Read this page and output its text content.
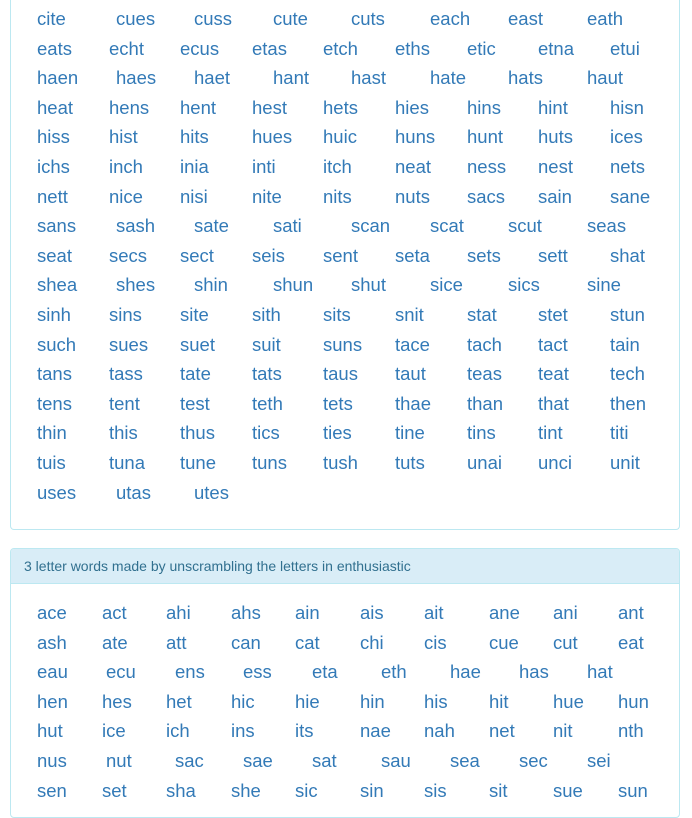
cite	cues cuss cute cuts each east eath
eats echt ecus etas etch eths etic etna etui
haen haes haet hant hast hate hats haut
heat hens hent hest hets hies hins hint hisn
hiss hist hits hues huic huns hunt huts ices
ichs inch inia inti	itch neat ness nest nets
nett nice nisi nite nits nuts sacs sain sane
sans sash sate sati	scan scat scut seas
seat secs sect seis sent seta sets sett shat
shea shes shin shun shut sice sics	sine
sinh sins site sith sits snit stat stet stun
such sues suet suit suns tace tach tact tain
tans tass tate tats taus taut teas teat tech
tens tent test teth tets thae than that then
thin this thus tics ties tine tins tint	titi
tuis tuna tune tuns tush tuts unai unci unit
uses utas utes
3 letter words made by unscrambling the letters in enthusiastic
ace act ahi ahs ain ais ait ane ani ant
ash ate att can cat chi cis cue cut eat
eau ecu ens ess eta eth hae has hat
hen hes het hic hie hin his hit hue hun
hut ice ich ins its	nae nah net nit nth
nus nut sac sae sat sau sea sec sei
sen set sha she sic sin sis sit sue sun
